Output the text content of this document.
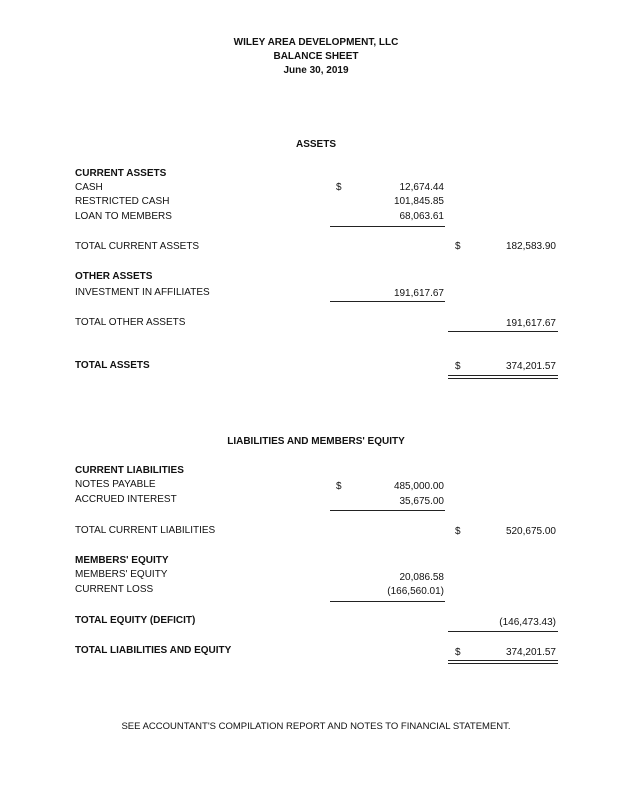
WILEY AREA DEVELOPMENT, LLC
BALANCE SHEET
June 30, 2019
ASSETS
CURRENT ASSETS
CASH	$	12,674.44
RESTRICTED CASH	101,845.85
LOAN TO MEMBERS	68,063.61
TOTAL CURRENT ASSETS	$	182,583.90
OTHER ASSETS
INVESTMENT IN AFFILIATES	191,617.67
TOTAL OTHER ASSETS	191,617.67
TOTAL ASSETS	$	374,201.57
LIABILITIES AND MEMBERS' EQUITY
CURRENT LIABILITIES
NOTES PAYABLE	$	485,000.00
ACCRUED INTEREST	35,675.00
TOTAL CURRENT LIABILITIES	$	520,675.00
MEMBERS' EQUITY
MEMBERS' EQUITY	20,086.58
CURRENT LOSS	(166,560.01)
TOTAL EQUITY (DEFICIT)	(146,473.43)
TOTAL LIABILITIES AND EQUITY	$	374,201.57
SEE ACCOUNTANT'S COMPILATION REPORT AND NOTES TO FINANCIAL STATEMENT.
